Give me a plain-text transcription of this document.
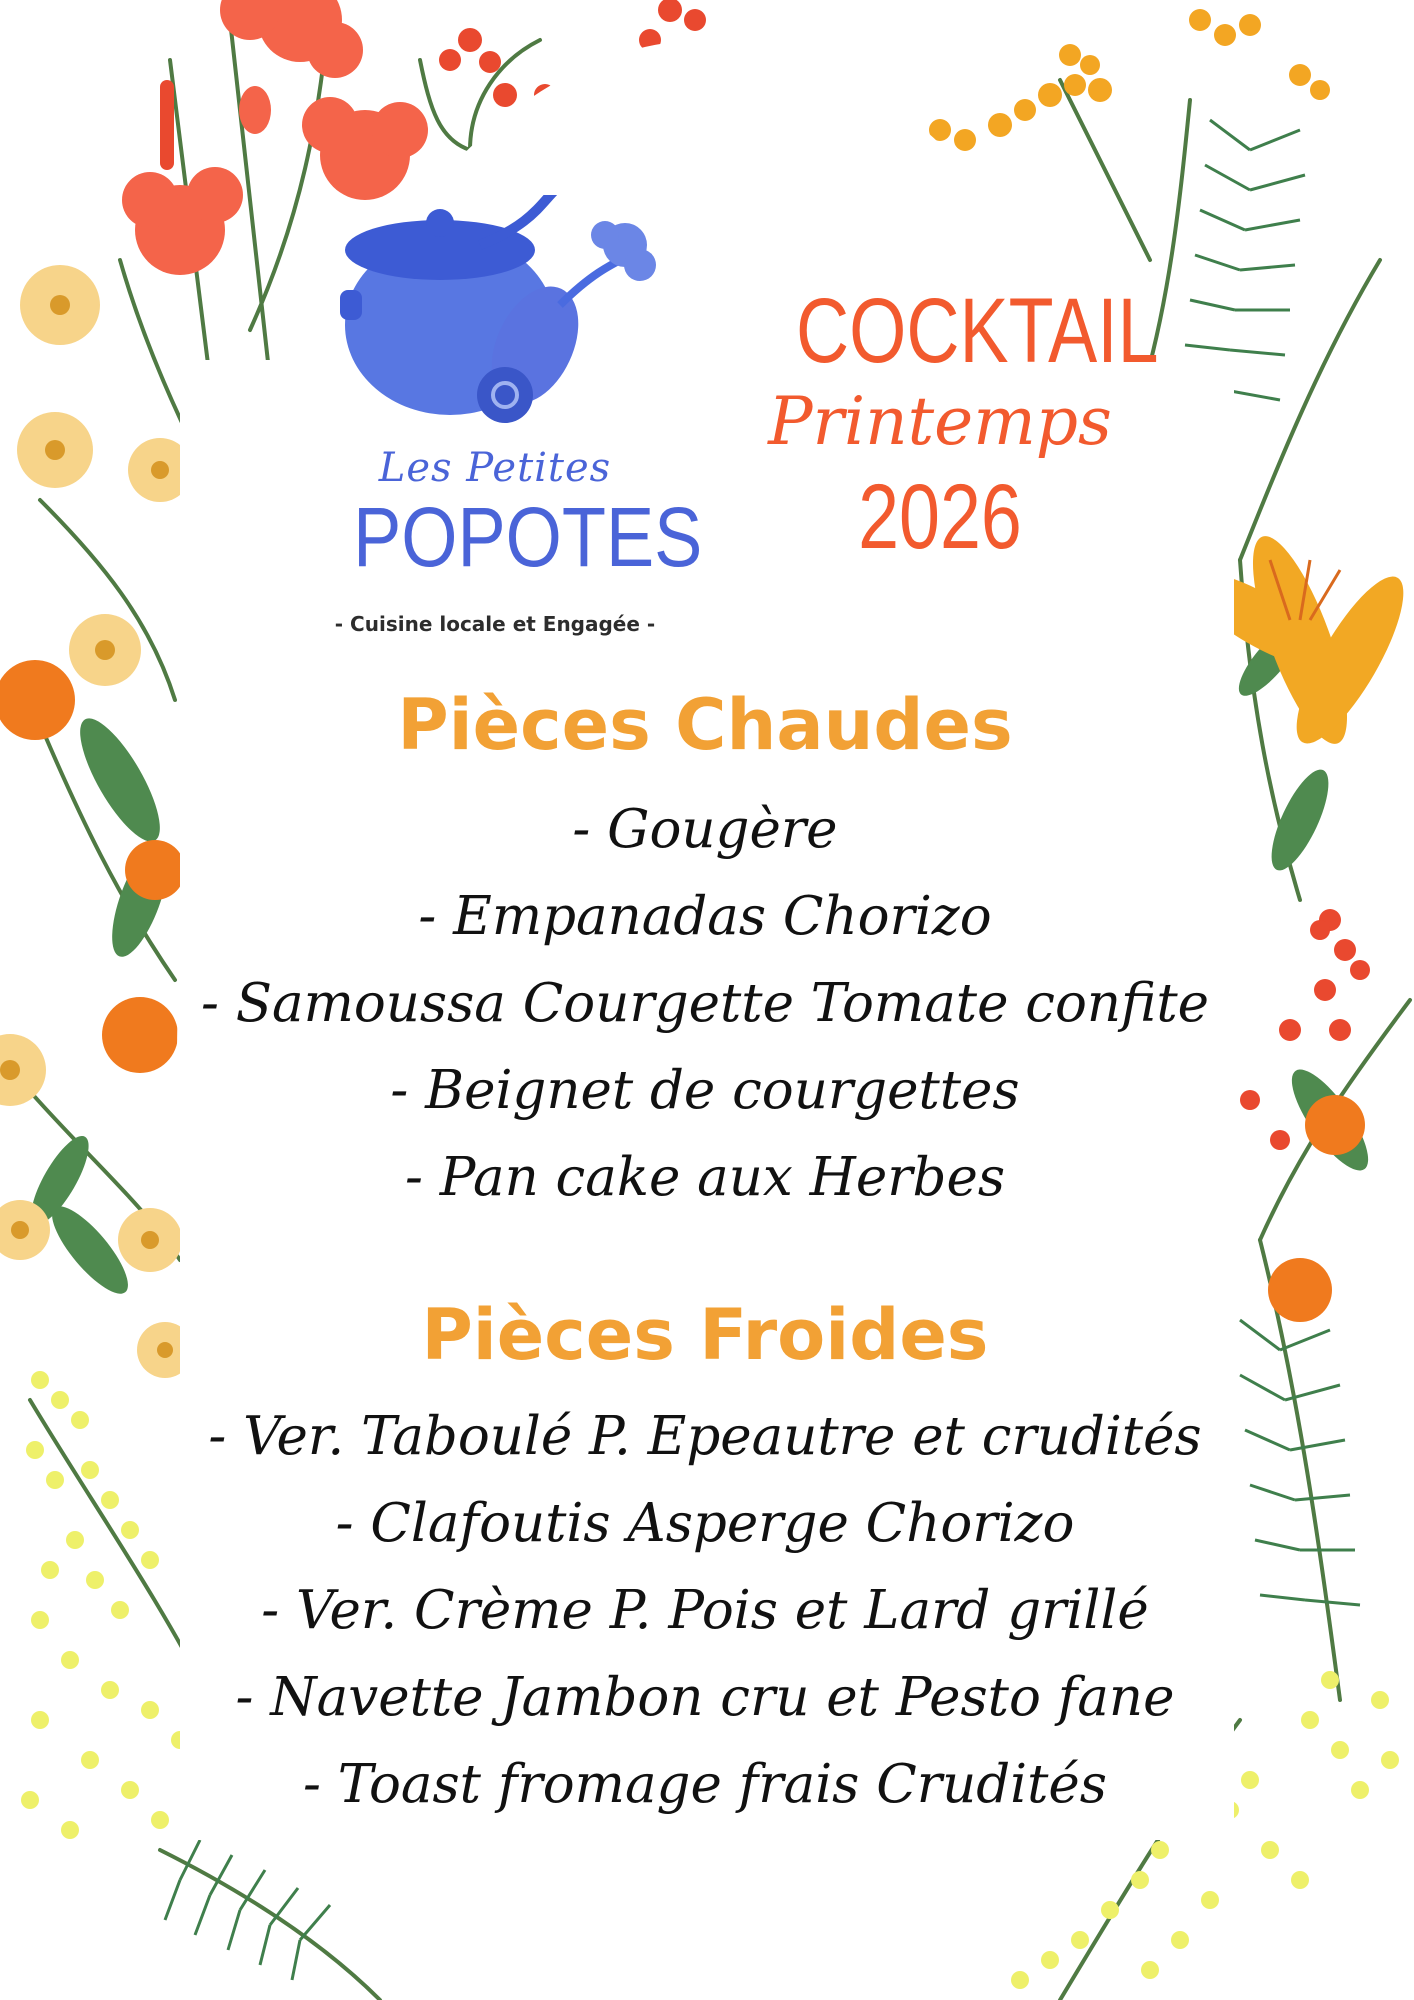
Les Petites
POPOTES
- Cuisine locale et Engagée -
COCKTAIL
Printemps
2026
Pièces Chaudes
- Gougère
- Empanadas Chorizo
- Samoussa Courgette Tomate confite
- Beignet de courgettes
- Pan cake aux Herbes
Pièces Froides
- Ver. Taboulé P. Epeautre et crudités
- Clafoutis Asperge Chorizo
- Ver. Crème P. Pois et Lard grillé
- Navette Jambon cru et Pesto fane
- Toast fromage frais Crudités
